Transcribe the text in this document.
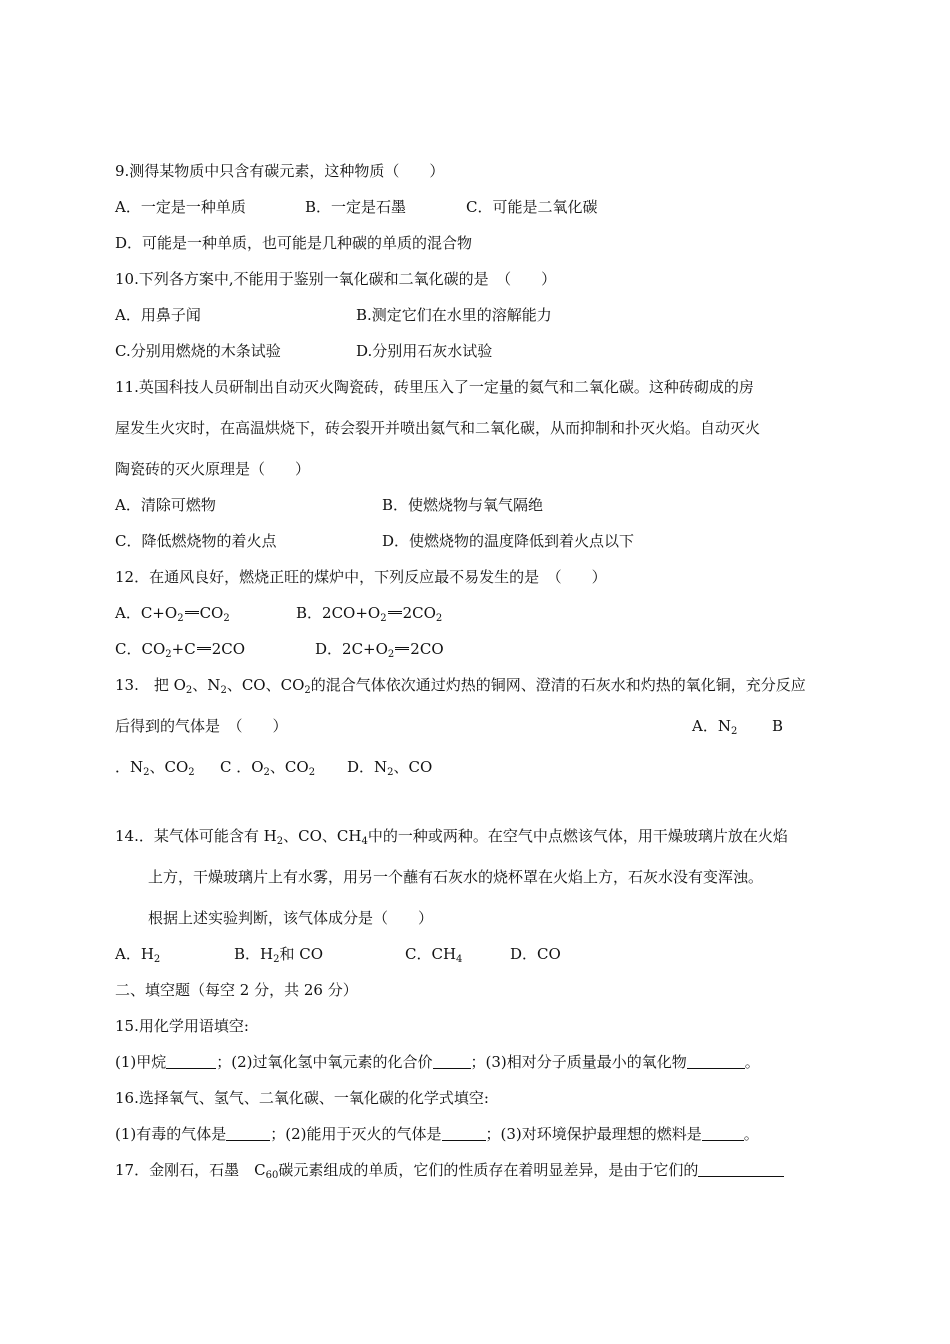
9.测得某物质中只含有碳元素，这种物质（　　）
A．一定是一种单质	B．一定是石墨	C．可能是二氧化碳
D．可能是一种单质，也可能是几种碳的单质的混合物
10.下列各方案中,不能用于鉴别一氧化碳和二氧化碳的是　（　　）
A．用鼻子闻	B.测定它们在水里的溶解能力
C.分别用燃烧的木条试验	D.分别用石灰水试验
11.英国科技人员研制出自动灭火陶瓷砖，砖里压入了一定量的氦气和二氧化碳。这种砖砌成的房
屋发生火灾时，在高温烘烧下，砖会裂开并喷出氦气和二氧化碳，从而抑制和扑灭火焰。自动灭火
陶瓷砖的灭火原理是（　　）
A．清除可燃物	B．使燃烧物与氧气隔绝
C．降低燃烧物的着火点	D．使燃烧物的温度降低到着火点以下
12．在通风良好，燃烧正旺的煤炉中，下列反应最不易发生的是　（　　）
A．$C+O_2$ $CO_2$	B．$2CO+O_2$ $2CO_2$
C．$CO_2+C$ 2CO	D．$2C+O_2$ 2CO
13.　把 $O_2$、$N_2$、CO、$CO_2$的混合气体依次通过灼热的铜网、澄清的石灰水和灼热的氧化铜，充分反应
后得到的气体是　（　　）	A．$N_2$ B
．$N_2$、$CO_2$ C ．$O_2$、$CO_2$ D．$N_2$、CO
14.．某气体可能含有 $H_2$、CO、$CH_4$中的一种或两种。在空气中点燃该气体，用干燥玻璃片放在火焰
上方，干燥玻璃片上有水雾，用另一个蘸有石灰水的烧杯罩在火焰上方，石灰水没有变浑浊。
根据上述实验判断，该气体成分是（　　）
A．$H_2$	B．$H_2$和 CO	C．$CH_4$	D．CO
二、填空题（每空 2 分，共 26 分）
15.用化学用语填空:
(1)甲烷	；(2)过氧化氢中氧元素的化合价	；(3)相对分子质量最小的氧化物	。
16.选择氧气、氢气、二氧化碳、一氧化碳的化学式填空:
(1)有毒的气体是	；(2)能用于灭火的气体是	；(3)对环境保护最理想的燃料是	。
17．金刚石，石墨　$C_{60}$碳元素组成的单质，它们的性质存在着明显差异，是由于它们的
